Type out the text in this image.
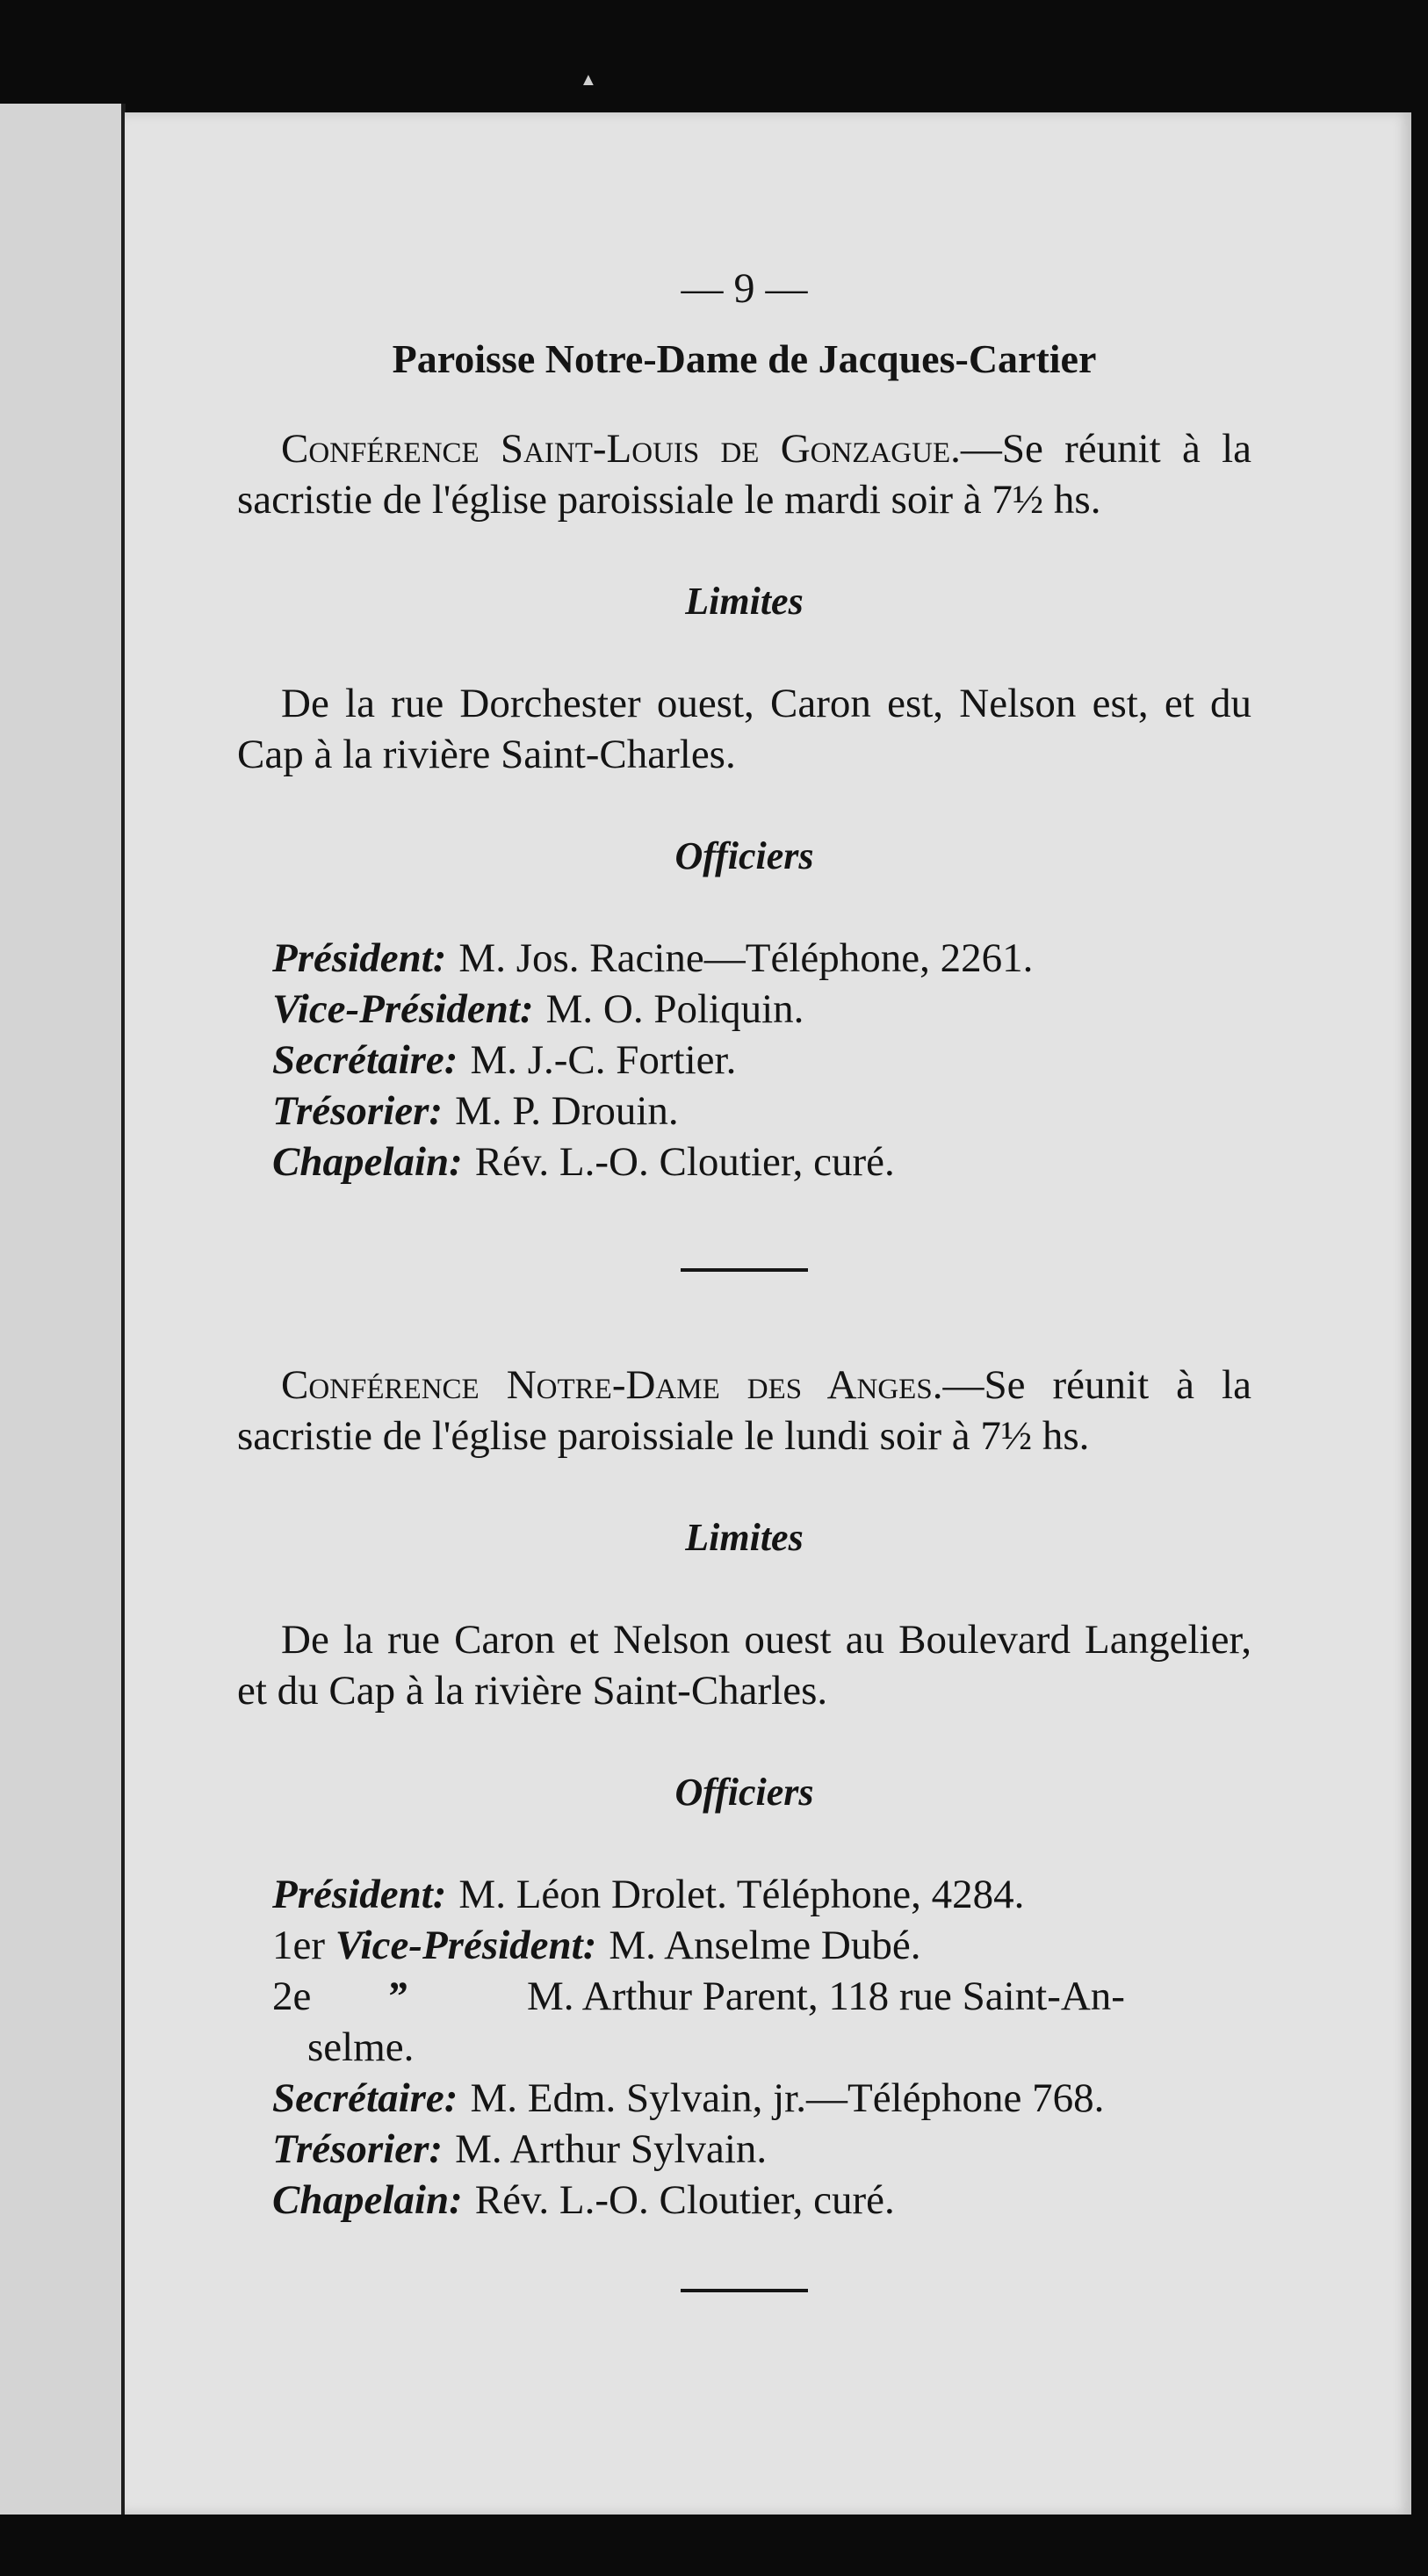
▲

— 9 —

Paroisse Notre-Dame de Jacques-Cartier

Conférence Saint-Louis de Gonzague.—Se réunit à la sacristie de l'église paroissiale le mardi soir à 7½ hs.

Limites

De la rue Dorchester ouest, Caron est, Nelson est, et du Cap à la rivière Saint-Charles.

Officiers

Président: M. Jos. Racine—Téléphone, 2261.
Vice-Président: M. O. Poliquin.
Secrétaire: M. J.-C. Fortier.
Trésorier: M. P. Drouin.
Chapelain: Rév. L.-O. Cloutier, curé.

Conférence Notre-Dame des Anges.—Se réunit à la sacristie de l'église paroissiale le lundi soir à 7½ hs.

Limites

De la rue Caron et Nelson ouest au Boulevard Langelier, et du Cap à la rivière Saint-Charles.

Officiers

Président: M. Léon Drolet. Téléphone, 4284.
1er Vice-Président: M. Anselme Dubé.
2e	”	M. Arthur Parent, 118 rue Saint-An-
selme.
Secrétaire: M. Edm. Sylvain, jr.—Téléphone 768.
Trésorier: M. Arthur Sylvain.
Chapelain: Rév. L.-O. Cloutier, curé.
